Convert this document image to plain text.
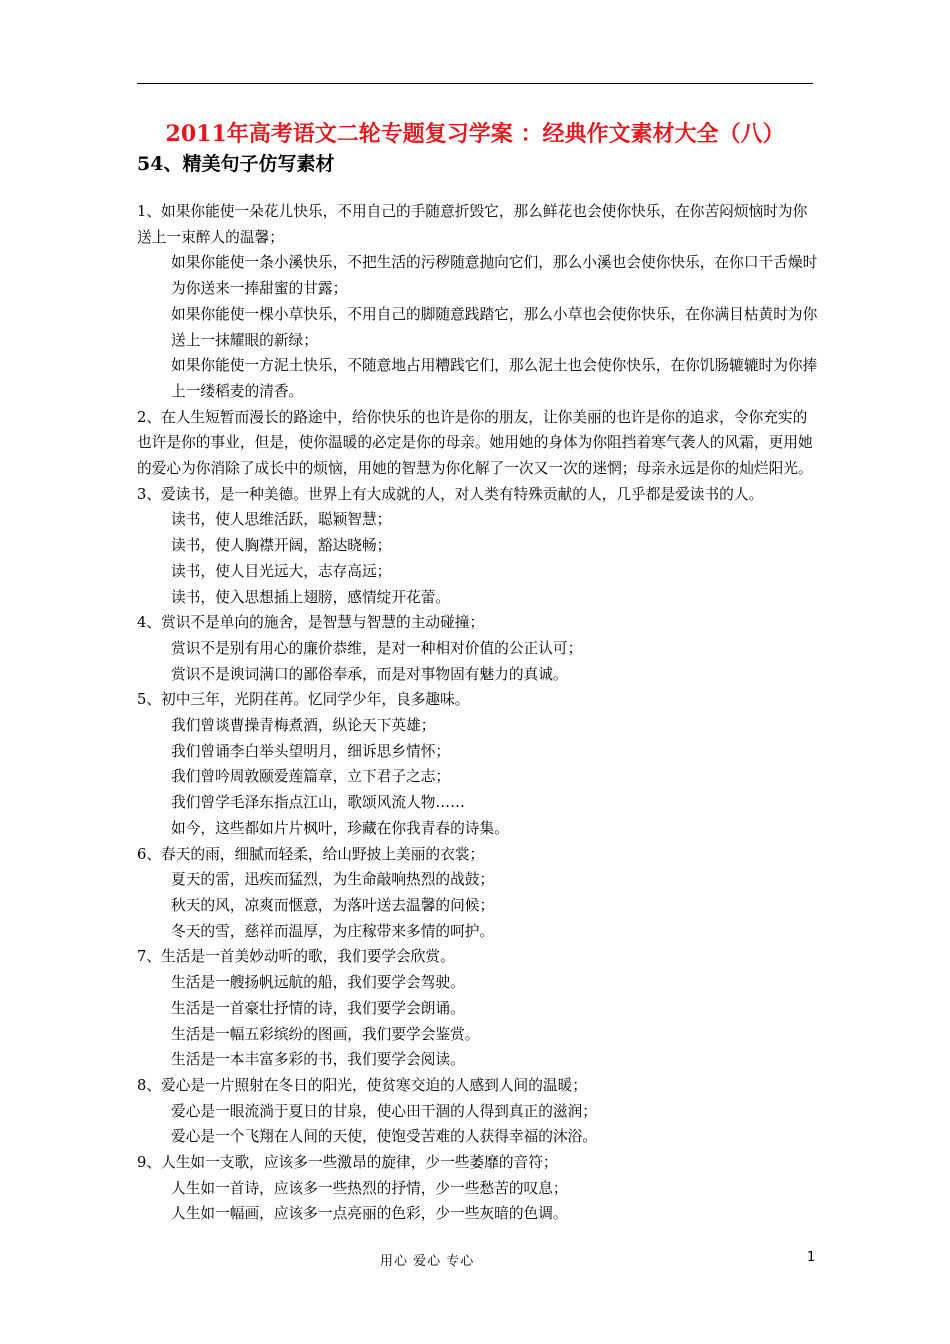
2011年高考语文二轮专题复习学案 ：经典作文素材大全（八）
54、精美句子仿写素材

1、如果你能使一朵花儿快乐，不用自己的手随意折毁它，那么鲜花也会使你快乐，在你苦闷烦恼时为你送上一束醉人的温馨；

如果你能使一条小溪快乐，不把生活的污秽随意抛向它们，那么小溪也会使你快乐，在你口干舌燥时为你送来一捧甜蜜的甘露；

如果你能使一棵小草快乐，不用自己的脚随意践踏它，那么小草也会使你快乐，在你满目枯黄时为你送上一抹耀眼的新绿；

如果你能使一方泥土快乐，不随意地占用糟践它们，那么泥土也会使你快乐，在你饥肠辘辘时为你捧上一缕稻麦的清香。

2、在人生短暂而漫长的路途中，给你快乐的也许是你的朋友，让你美丽的也许是你的追求，令你充实的也许是你的事业，但是，使你温暖的必定是你的母亲。她用她的身体为你阻挡着寒气袭人的风霜，更用她的爱心为你消除了成长中的烦恼，用她的智慧为你化解了一次又一次的迷惘；母亲永远是你的灿烂阳光。

3、爱读书，是一种美德。世界上有大成就的人，对人类有特殊贡献的人，几乎都是爱读书的人。

读书，使人思维活跃，聪颖智慧；

读书，使人胸襟开阔，豁达晓畅；

读书，使人目光远大，志存高远；

读书，使入思想插上翅膀，感情绽开花蕾。

4、赏识不是单向的施舍，是智慧与智慧的主动碰撞；

赏识不是别有用心的廉价恭维，是对一种相对价值的公正认可；

赏识不是谀词满口的鄙俗奉承，而是对事物固有魅力的真诚。

5、初中三年，光阴荏苒。忆同学少年，良多趣味。

我们曾谈曹操青梅煮酒，纵论天下英雄；

我们曾诵李白举头望明月，细诉思乡情怀；

我们曾吟周敦颐爱莲篇章，立下君子之志；

我们曾学毛泽东指点江山，歌颂风流人物……

如今，这些都如片片枫叶，珍藏在你我青春的诗集。

6、春天的雨，细腻而轻柔，给山野披上美丽的衣裳；

夏天的雷，迅疾而猛烈，为生命敲响热烈的战鼓；

秋天的风，凉爽而惬意，为落叶送去温馨的问候；

冬天的雪，慈祥而温厚，为庄稼带来多情的呵护。

7、生活是一首美妙动听的歌，我们要学会欣赏。

生活是一艘扬帆远航的船，我们要学会驾驶。

生活是一首豪壮抒情的诗，我们要学会朗诵。

生活是一幅五彩缤纷的图画，我们要学会鉴赏。

生活是一本丰富多彩的书，我们要学会阅读。

8、爱心是一片照射在冬日的阳光，使贫寒交迫的人感到人间的温暖；

爱心是一眼流淌于夏日的甘泉，使心田干涸的人得到真正的滋润；

爱心是一个飞翔在人间的天使，使饱受苦难的人获得幸福的沐浴。

9、人生如一支歌，应该多一些激昂的旋律，少一些萎靡的音符；

人生如一首诗，应该多一些热烈的抒情，少一些愁苦的叹息；

人生如一幅画，应该多一点亮丽的色彩，少一些灰暗的色调。

用心 爱心 专心	1
